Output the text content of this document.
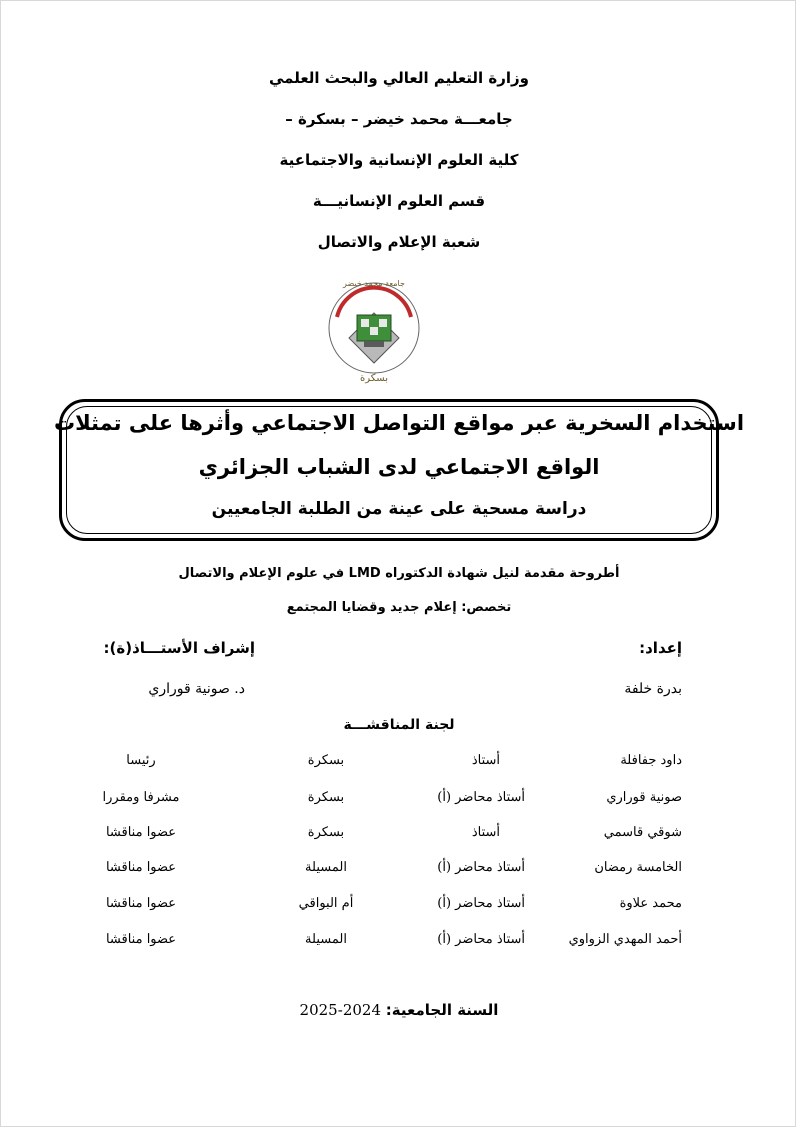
وزارة التعليم العالي والبحث العلمي
جامعـــة محمد خيضر – بسكرة –
كلية العلوم الإنسانية والاجتماعية
قسم العلوم الإنسانيـــة
شعبة الإعلام والاتصال
جامعة محمد خيضر
بسكرة
استخدام السخرية عبر مواقع التواصل الاجتماعي وأثرها على تمثلات
الواقع الاجتماعي لدى الشباب الجزائري
دراسة مسحية على عينة من الطلبة الجامعيين
أطروحة مقدمة لنيل شهادة الدكتوراه LMD في علوم الإعلام والاتصال
تخصص: إعلام جديد وقضايا المجتمع
إعداد:
إشراف الأستـــاذ(ة):
بدرة خلفة
د. صونية قوراري
لجنة المناقشـــة
داود جفافلة
أستاذ
بسكرة
رئيسا
صونية قوراري
أستاذ محاضر (أ)
بسكرة
مشرفا ومقررا
شوقي قاسمي
أستاذ
بسكرة
عضوا مناقشا
الخامسة رمضان
أستاذ محاضر (أ)
المسيلة
عضوا مناقشا
محمد علاوة
أستاذ محاضر (أ)
أم البواقي
عضوا مناقشا
أحمد المهدي الزواوي
أستاذ محاضر (أ)
المسيلة
عضوا مناقشا
السنة الجامعية: 2024-2025
